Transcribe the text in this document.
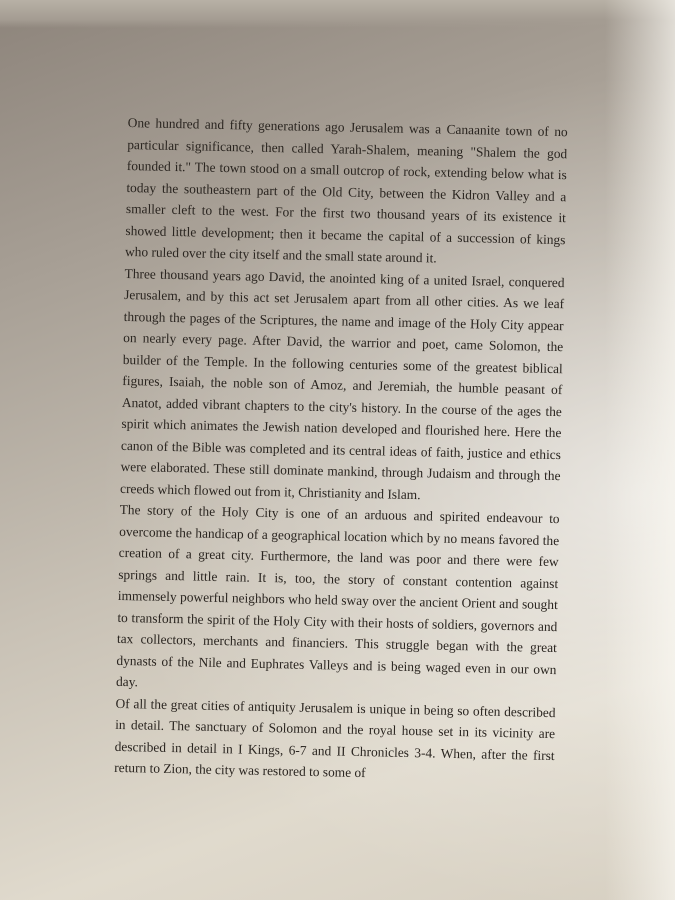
One hundred and fifty generations ago Jerusalem was a Canaanite town of no particular significance, then called Yarah-Shalem, meaning "Shalem the god founded it." The town stood on a small outcrop of rock, extending below what is today the southeastern part of the Old City, between the Kidron Valley and a smaller cleft to the west. For the first two thousand years of its existence it showed little development; then it became the capital of a succession of kings who ruled over the city itself and the small state around it.

Three thousand years ago David, the anointed king of a united Israel, conquered Jerusalem, and by this act set Jerusalem apart from all other cities. As we leaf through the pages of the Scriptures, the name and image of the Holy City appear on nearly every page. After David, the warrior and poet, came Solomon, the builder of the Temple. In the following centuries some of the greatest biblical figures, Isaiah, the noble son of Amoz, and Jeremiah, the humble peasant of Anatot, added vibrant chapters to the city's history. In the course of the ages the spirit which animates the Jewish nation developed and flourished here. Here the canon of the Bible was completed and its central ideas of faith, justice and ethics were elaborated. These still dominate mankind, through Judaism and through the creeds which flowed out from it, Christianity and Islam.

The story of the Holy City is one of an arduous and spirited endeavour to overcome the handicap of a geographical location which by no means favored the creation of a great city. Furthermore, the land was poor and there were few springs and little rain. It is, too, the story of constant contention against immensely powerful neighbors who held sway over the ancient Orient and sought to transform the spirit of the Holy City with their hosts of soldiers, governors and tax collectors, merchants and financiers. This struggle began with the great dynasts of the Nile and Euphrates Valleys and is being waged even in our own day.

Of all the great cities of antiquity Jerusalem is unique in being so often described in detail. The sanctuary of Solomon and the royal house set in its vicinity are described in detail in I Kings, 6-7 and II Chronicles 3-4. When, after the first return to Zion, the city was restored to some of
